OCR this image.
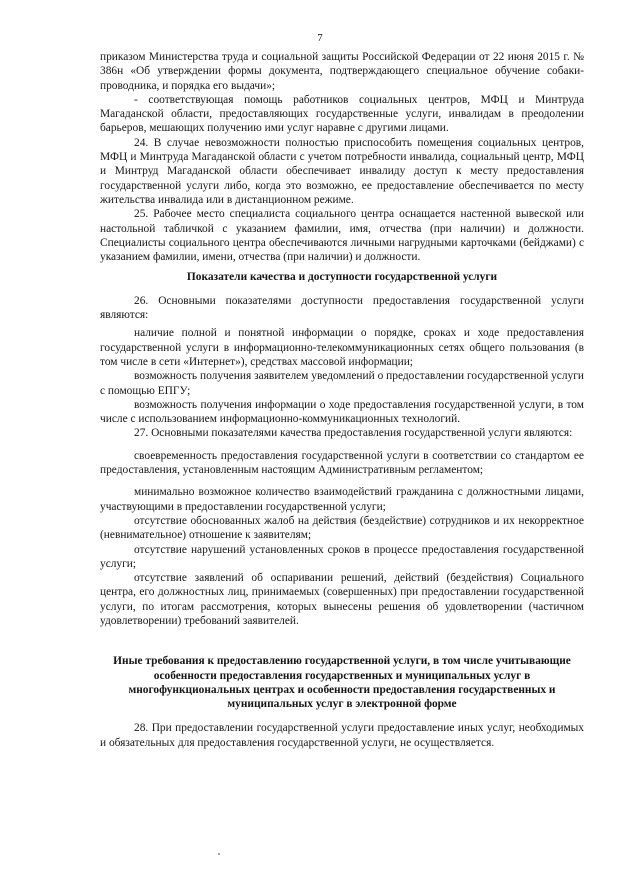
7

приказом Министерства труда и социальной защиты Российской Федерации от 22 июня 2015 г. № 386н «Об утверждении формы документа, подтверждающего специальное обучение собаки-проводника, и порядка его выдачи»;

- соответствующая помощь работников социальных центров, МФЦ и Минтруда Магаданской области, предоставляющих государственные услуги, инвалидам в преодолении барьеров, мешающих получению ими услуг наравне с другими лицами.

24. В случае невозможности полностью приспособить помещения социальных центров, МФЦ и Минтруда Магаданской области с учетом потребности инвалида, социальный центр, МФЦ и Минтруд Магаданской области обеспечивает инвалиду доступ к месту предоставления государственной услуги либо, когда это возможно, ее предоставление обеспечивается по месту жительства инвалида или в дистанционном режиме.

25. Рабочее место специалиста социального центра оснащается настенной вывеской или настольной табличкой с указанием фамилии, имя, отчества (при наличии) и должности. Специалисты социального центра обеспечиваются личными нагрудными карточками (бейджами) с указанием фамилии, имени, отчества (при наличии) и должности.

Показатели качества и доступности государственной услуги

26. Основными показателями доступности предоставления государственной услуги являются:

наличие полной и понятной информации о порядке, сроках и ходе предоставления государственной услуги в информационно-телекоммуникационных сетях общего пользования (в том числе в сети «Интернет»), средствах массовой информации;

возможность получения заявителем уведомлений о предоставлении государственной услуги с помощью ЕПГУ;

возможность получения информации о ходе предоставления государственной услуги, в том числе с использованием информационно-коммуникационных технологий.

27. Основными показателями качества предоставления государственной услуги являются:

своевременность предоставления государственной услуги в соответствии со стандартом ее предоставления, установленным настоящим Административным регламентом;

минимально возможное количество взаимодействий гражданина с должностными лицами, участвующими в предоставлении государственной услуги;

отсутствие обоснованных жалоб на действия (бездействие) сотрудников и их некорректное (невнимательное) отношение к заявителям;

отсутствие нарушений установленных сроков в процессе предоставления государственной услуги;

отсутствие заявлений об оспаривании решений, действий (бездействия) Социального центра, его должностных лиц, принимаемых (совершенных) при предоставлении государственной услуги, по итогам рассмотрения, которых вынесены решения об удовлетворении (частичном удовлетворении) требований заявителей.

Иные требования к предоставлению государственной услуги, в том числе учитывающие особенности предоставления государственных и муниципальных услуг в многофункциональных центрах и особенности предоставления государственных и муниципальных услуг в электронной форме

28. При предоставлении государственной услуги предоставление иных услуг, необходимых и обязательных для предоставления государственной услуги, не осуществляется.
